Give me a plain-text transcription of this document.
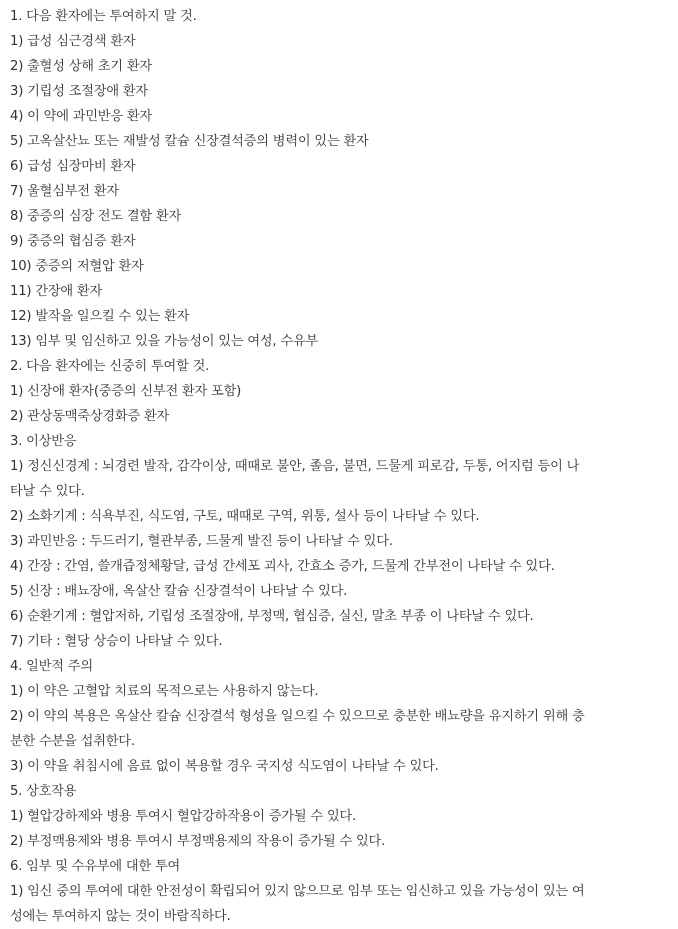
1. 다음 환자에는 투여하지 말 것.
1) 급성 심근경색 환자
2) 출혈성 상해 초기 환자
3) 기립성 조절장애 환자
4) 이 약에 과민반응 환자
5) 고옥살산뇨 또는 재발성 칼슘 신장결석증의 병력이 있는 환자
6) 급성 심장마비 환자
7) 울혈심부전 환자
8) 중증의 심장 전도 결함 환자
9) 중증의 협심증 환자
10) 중증의 저혈압 환자
11) 간장애 환자
12) 발작을 일으킬 수 있는 환자
13) 임부 및 임신하고 있을 가능성이 있는 여성, 수유부
2. 다음 환자에는 신중히 투여할 것.
1) 신장애 환자(중증의 신부전 환자 포함)
2) 관상동맥죽상경화증 환자
3. 이상반응
1) 정신신경계 : 뇌경련 발작, 감각이상, 때때로 불안, 졸음, 불면, 드물게 피로감, 두통, 어지럼 등이 나
타날 수 있다.
2) 소화기계 : 식욕부진, 식도염, 구토, 때때로 구역, 위통, 설사 등이 나타날 수 있다.
3) 과민반응 : 두드러기, 혈관부종, 드물게 발진 등이 나타날 수 있다.
4) 간장 : 간염, 쓸개즙정체황달, 급성 간세포 괴사, 간효소 증가, 드물게 간부전이 나타날 수 있다.
5) 신장 : 배뇨장애, 옥살산 칼슘 신장결석이 나타날 수 있다.
6) 순환기계 : 혈압저하, 기립성 조절장애, 부정맥, 협심증, 실신, 말초 부종 이 나타날 수 있다.
7) 기타 : 혈당 상승이 나타날 수 있다.
4. 일반적 주의
1) 이 약은 고혈압 치료의 목적으로는 사용하지 않는다.
2) 이 약의 복용은 옥살산 칼슘 신장결석 형성을 일으킬 수 있으므로 충분한 배뇨량을 유지하기 위해 충
분한 수분을 섭취한다.
3) 이 약을 취침시에 음료 없이 복용할 경우 국지성 식도염이 나타날 수 있다.
5. 상호작용
1) 혈압강하제와 병용 투여시 혈압강하작용이 증가될 수 있다.
2) 부정맥용제와 병용 투여시 부정맥용제의 작용이 증가될 수 있다.
6. 임부 및 수유부에 대한 투여
1) 임신 중의 투여에 대한 안전성이 확립되어 있지 않으므로 임부 또는 임신하고 있을 가능성이 있는 여
성에는 투여하지 않는 것이 바람직하다.
